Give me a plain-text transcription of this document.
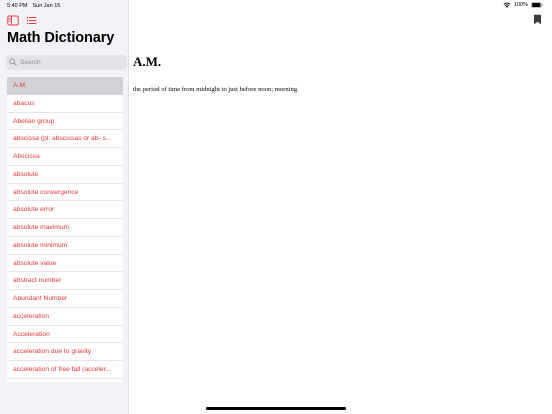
5:40 PM Sun Jan 15	100%
Math Dictionary
Search
A.M.
abacus
Abelian group
abscissa (pl: abscissas or ab- s...
Abscissa
absolute
absolute convergence
absolute error
absolute maximum
absolute minimum
absolute value
abstract number
Abundant Number
acceleration
Acceleration
acceleration due to gravity
acceleration of free fall (acceler...
A.M.

the period of time from midnight to just before noon; morning.
